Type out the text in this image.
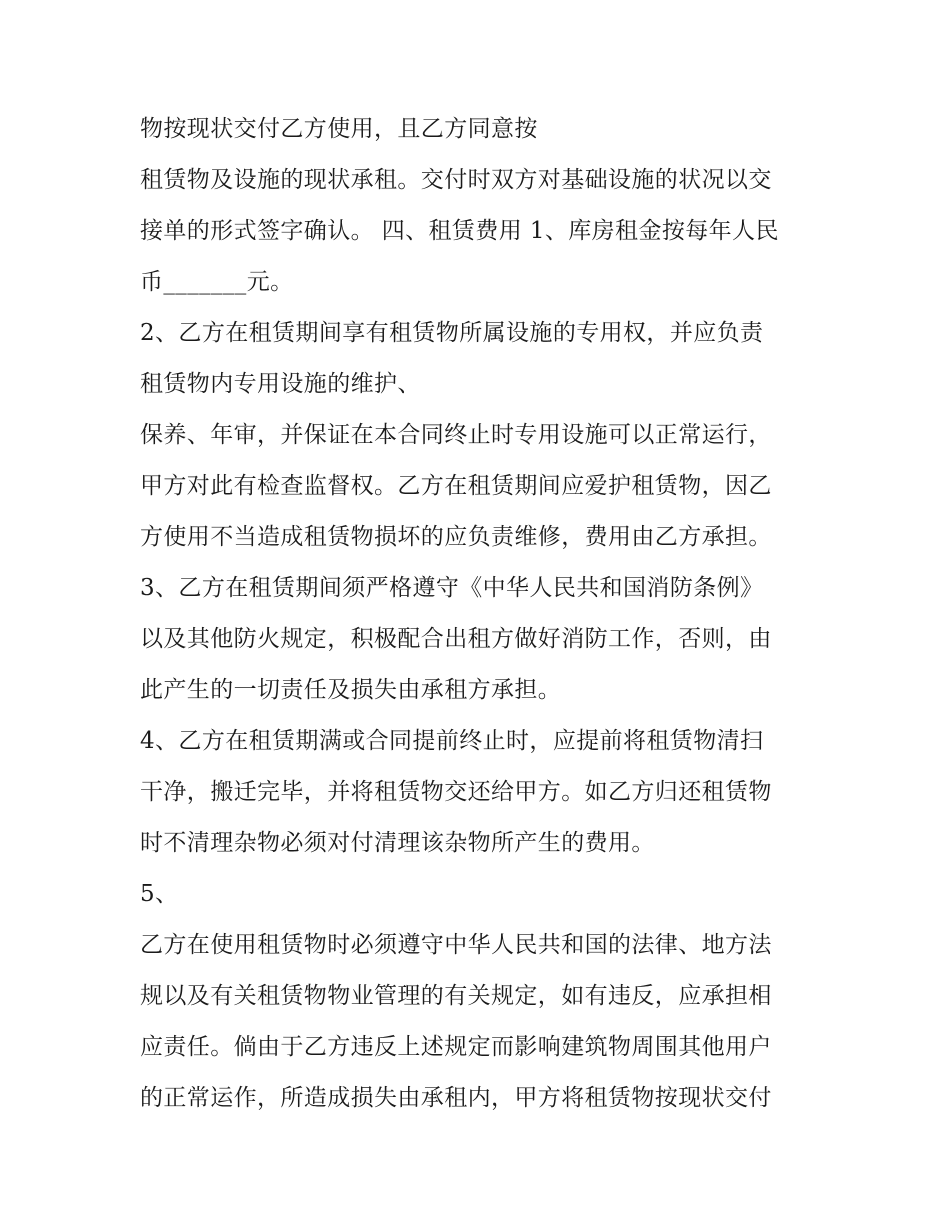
物按现状交付乙方使用，且乙方同意按
租赁物及设施的现状承租。交付时双方对基础设施的状况以交
接单的形式签字确认。 四、租赁费用 1、库房租金按每年人民
币_______元。
2、乙方在租赁期间享有租赁物所属设施的专用权，并应负责
租赁物内专用设施的维护、
保养、年审，并保证在本合同终止时专用设施可以正常运行，
甲方对此有检查监督权。乙方在租赁期间应爱护租赁物，因乙
方使用不当造成租赁物损坏的应负责维修，费用由乙方承担。
3、乙方在租赁期间须严格遵守《中华人民共和国消防条例》
以及其他防火规定，积极配合出租方做好消防工作，否则，由
此产生的一切责任及损失由承租方承担。
4、乙方在租赁期满或合同提前终止时，应提前将租赁物清扫
干净，搬迁完毕，并将租赁物交还给甲方。如乙方归还租赁物
时不清理杂物必须对付清理该杂物所产生的费用。
5、
乙方在使用租赁物时必须遵守中华人民共和国的法律、地方法
规以及有关租赁物物业管理的有关规定，如有违反，应承担相
应责任。倘由于乙方违反上述规定而影响建筑物周围其他用户
的正常运作，所造成损失由承租内，甲方将租赁物按现状交付
